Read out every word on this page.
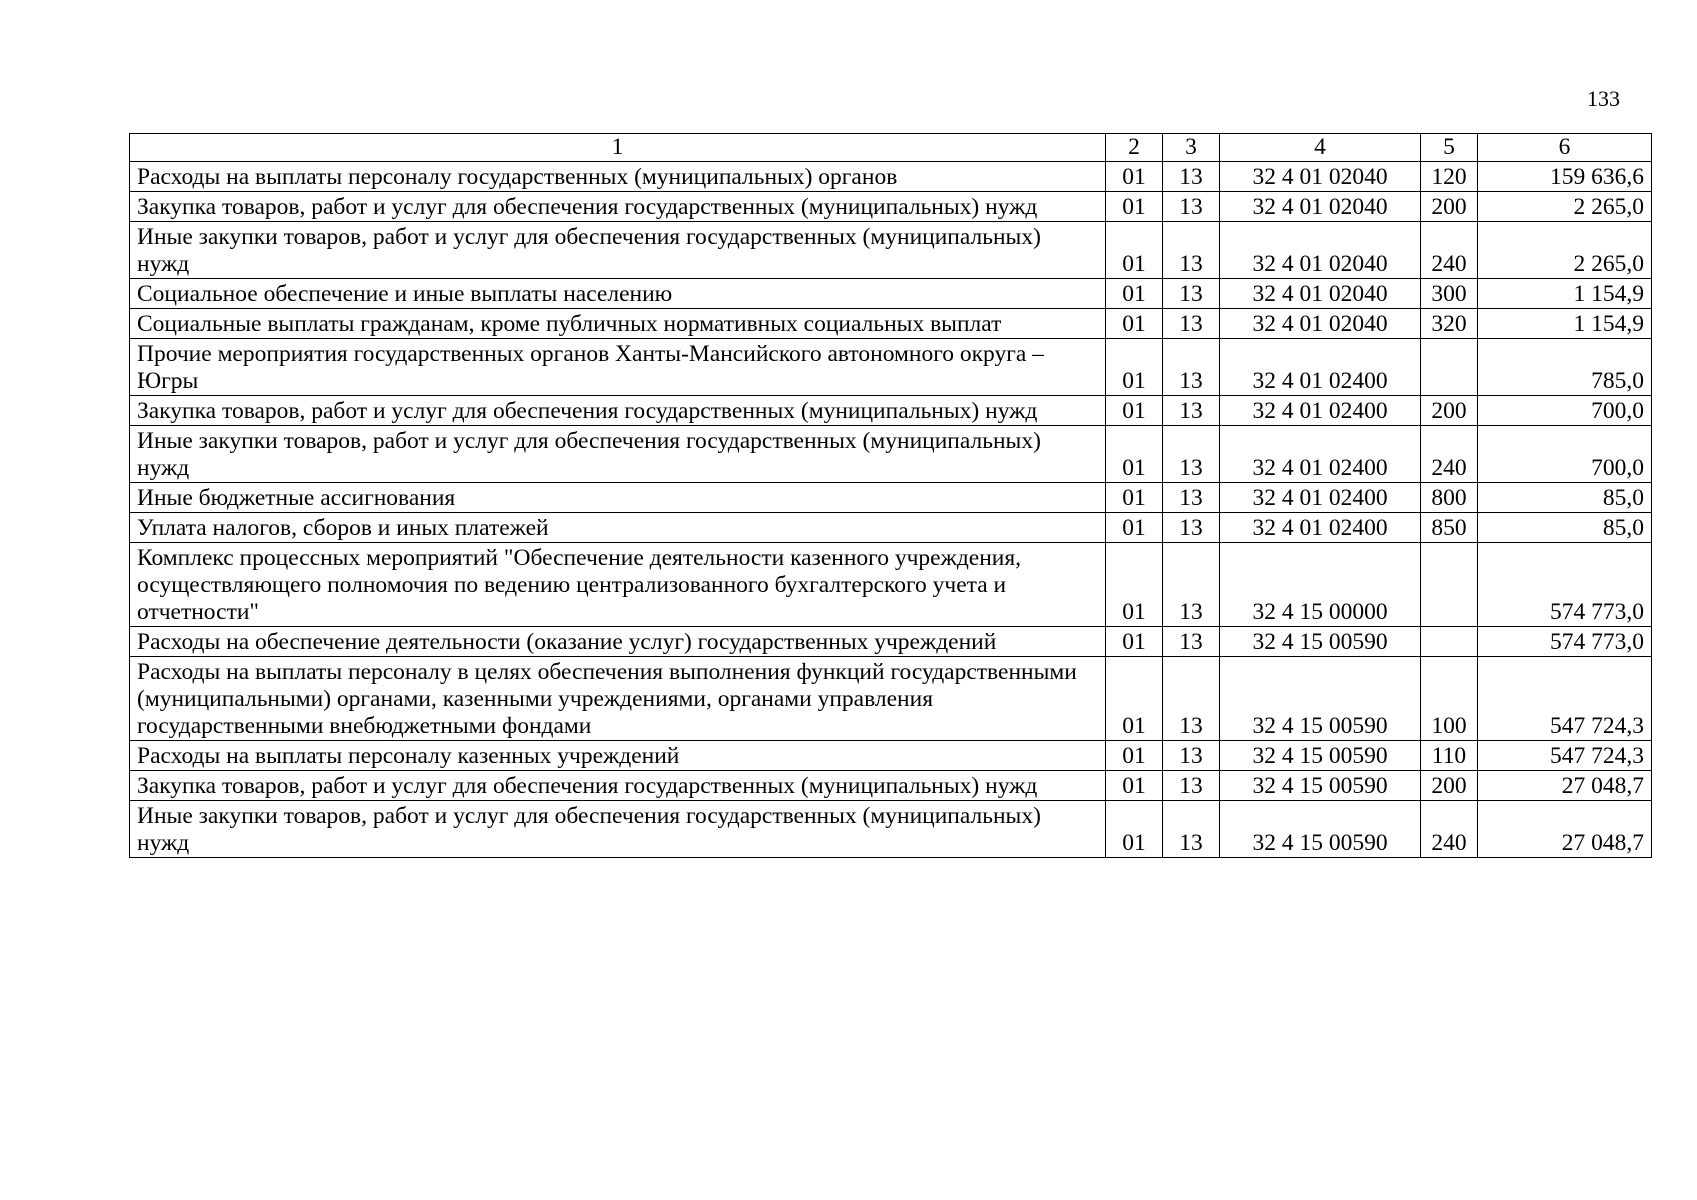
133
1	2	3	4	5	6
Расходы на выплаты персоналу государственных (муниципальных) органов	01	13	32 4 01 02040	120	159 636,6
Закупка товаров, работ и услуг для обеспечения государственных (муниципальных) нужд	01	13	32 4 01 02040	200	2 265,0
Иные закупки товаров, работ и услуг для обеспечения государственных (муниципальных) нужд	01	13	32 4 01 02040	240	2 265,0
Социальное обеспечение и иные выплаты населению	01	13	32 4 01 02040	300	1 154,9
Социальные выплаты гражданам, кроме публичных нормативных социальных выплат	01	13	32 4 01 02040	320	1 154,9
Прочие мероприятия государственных органов Ханты-Мансийского автономного округа – Югры	01	13	32 4 01 02400		785,0
Закупка товаров, работ и услуг для обеспечения государственных (муниципальных) нужд	01	13	32 4 01 02400	200	700,0
Иные закупки товаров, работ и услуг для обеспечения государственных (муниципальных) нужд	01	13	32 4 01 02400	240	700,0
Иные бюджетные ассигнования	01	13	32 4 01 02400	800	85,0
Уплата налогов, сборов и иных платежей	01	13	32 4 01 02400	850	85,0
Комплекс процессных мероприятий "Обеспечение деятельности казенного учреждения, осуществляющего полномочия по ведению централизованного бухгалтерского учета и отчетности"	01	13	32 4 15 00000		574 773,0
Расходы на обеспечение деятельности (оказание услуг) государственных учреждений	01	13	32 4 15 00590		574 773,0
Расходы на выплаты персоналу в целях обеспечения выполнения функций государственными (муниципальными) органами, казенными учреждениями, органами управления государственными внебюджетными фондами	01	13	32 4 15 00590	100	547 724,3
Расходы на выплаты персоналу казенных учреждений	01	13	32 4 15 00590	110	547 724,3
Закупка товаров, работ и услуг для обеспечения государственных (муниципальных) нужд	01	13	32 4 15 00590	200	27 048,7
Иные закупки товаров, работ и услуг для обеспечения государственных (муниципальных) нужд	01	13	32 4 15 00590	240	27 048,7
